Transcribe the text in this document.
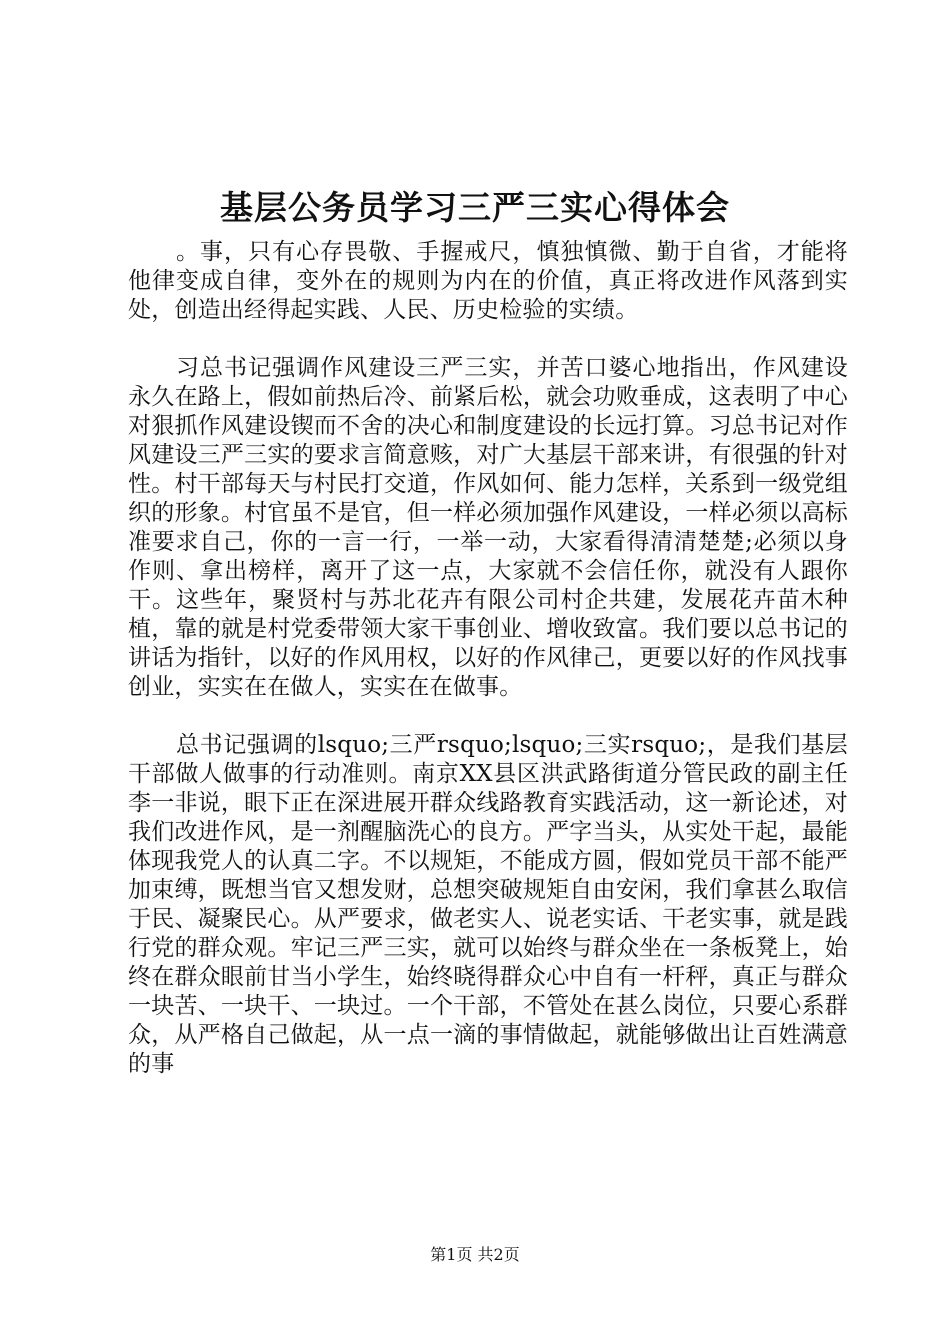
基层公务员学习三严三实心得体会

。事，只有心存畏敬、手握戒尺，慎独慎微、勤于自省，才能将他律变成自律，变外在的规则为内在的价值，真正将改进作风落到实处，创造出经得起实践、人民、历史检验的实绩。

习总书记强调作风建设三严三实，并苦口婆心地指出，作风建设永久在路上，假如前热后冷、前紧后松，就会功败垂成，这表明了中心对狠抓作风建设锲而不舍的决心和制度建设的长远打算。习总书记对作风建设三严三实的要求言简意赅，对广大基层干部来讲，有很强的针对性。村干部每天与村民打交道，作风如何、能力怎样，关系到一级党组织的形象。村官虽不是官，但一样必须加强作风建设，一样必须以高标准要求自己，你的一言一行，一举一动，大家看得清清楚楚;必须以身作则、拿出榜样，离开了这一点，大家就不会信任你，就没有人跟你干。这些年，聚贤村与苏北花卉有限公司村企共建，发展花卉苗木种植，靠的就是村党委带领大家干事创业、增收致富。我们要以总书记的讲话为指针，以好的作风用权，以好的作风律己，更要以好的作风找事创业，实实在在做人，实实在在做事。

总书记强调的lsquo;三严rsquo;lsquo;三实rsquo;，是我们基层干部做人做事的行动准则。南京XX县区洪武路街道分管民政的副主任李一非说，眼下正在深进展开群众线路教育实践活动，这一新论述，对我们改进作风，是一剂醒脑洗心的良方。严字当头，从实处干起，最能体现我党人的认真二字。不以规矩，不能成方圆，假如党员干部不能严加束缚，既想当官又想发财，总想突破规矩自由安闲，我们拿甚么取信于民、凝聚民心。从严要求，做老实人、说老实话、干老实事，就是践行党的群众观。牢记三严三实，就可以始终与群众坐在一条板凳上，始终在群众眼前甘当小学生，始终晓得群众心中自有一杆秤，真正与群众一块苦、一块干、一块过。一个干部，不管处在甚么岗位，只要心系群众，从严格自己做起，从一点一滴的事情做起，就能够做出让百姓满意的事

第1页 共2页
